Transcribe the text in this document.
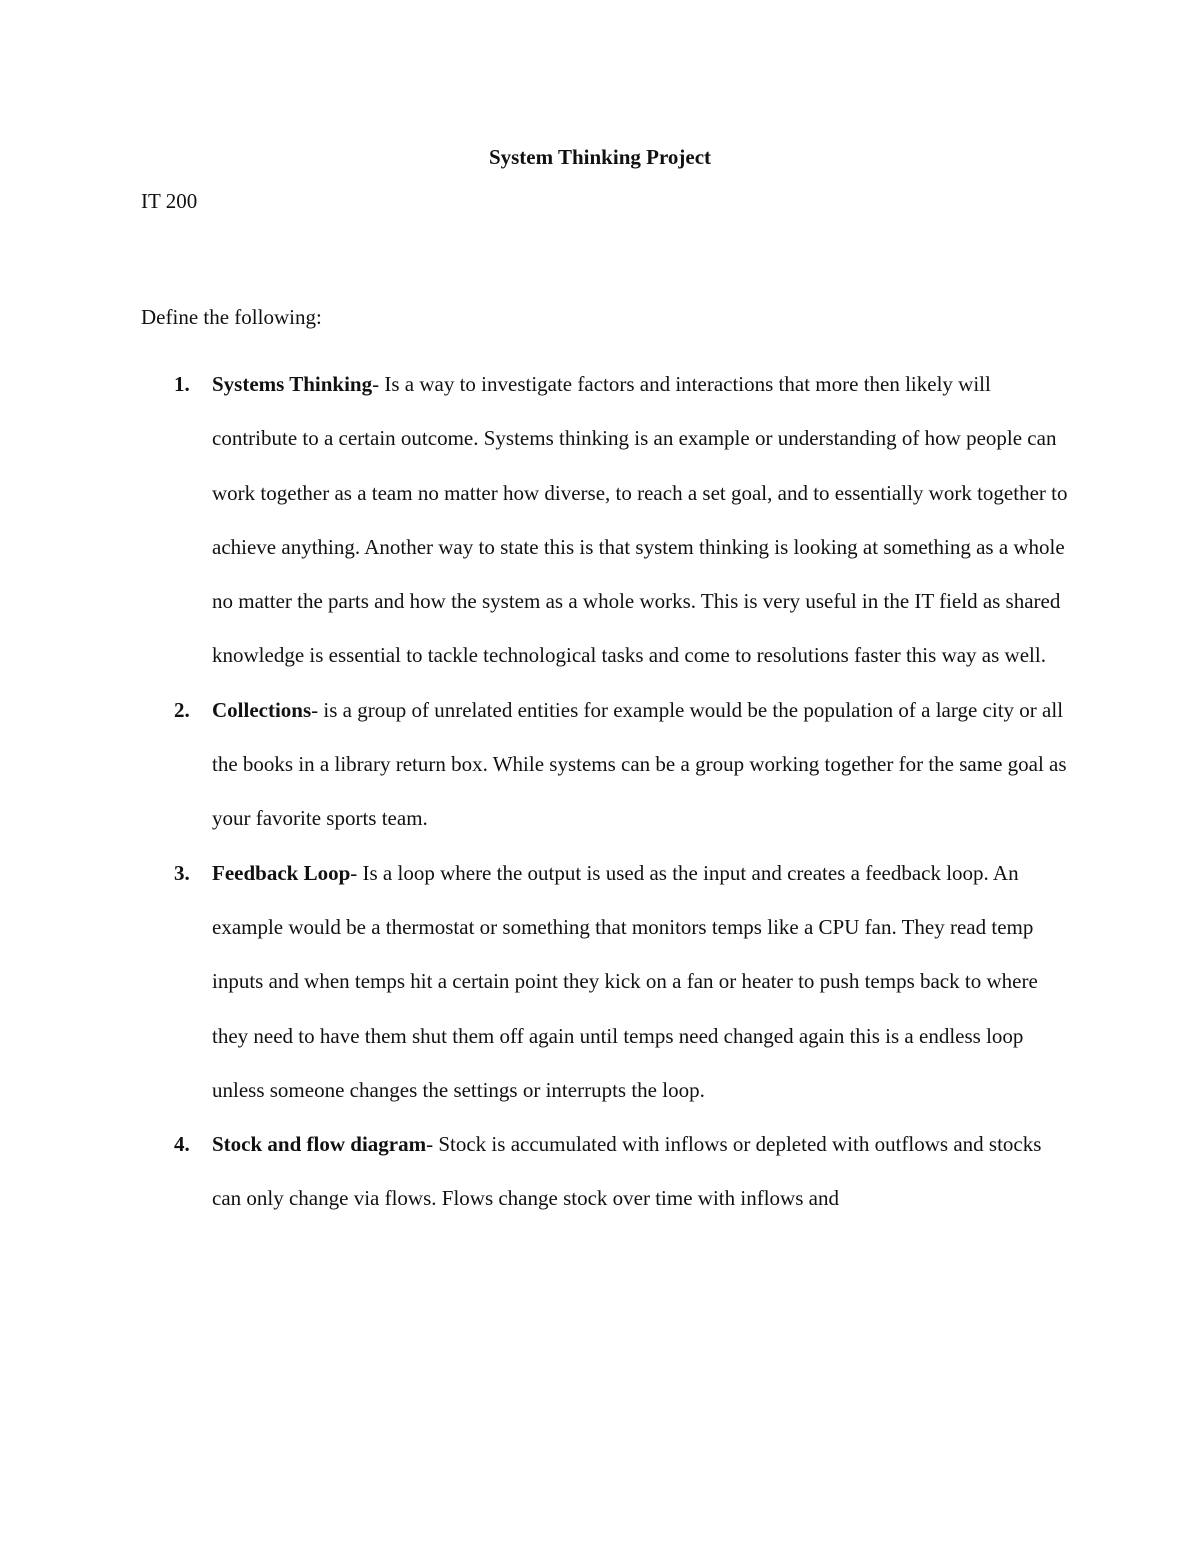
System Thinking Project

IT 200

Define the following:

1. Systems Thinking- Is a way to investigate factors and interactions that more then likely will contribute to a certain outcome. Systems thinking is an example or understanding of how people can work together as a team no matter how diverse, to reach a set goal, and to essentially work together to achieve anything. Another way to state this is that system thinking is looking at something as a whole no matter the parts and how the system as a whole works. This is very useful in the IT field as shared knowledge is essential to tackle technological tasks and come to resolutions faster this way as well.

2. Collections- is a group of unrelated entities for example would be the population of a large city or all the books in a library return box. While systems can be a group working together for the same goal as your favorite sports team.

3. Feedback Loop- Is a loop where the output is used as the input and creates a feedback loop. An example would be a thermostat or something that monitors temps like a CPU fan. They read temp inputs and when temps hit a certain point they kick on a fan or heater to push temps back to where they need to have them shut them off again until temps need changed again this is a endless loop unless someone changes the settings or interrupts the loop.

4. Stock and flow diagram- Stock is accumulated with inflows or depleted with outflows and stocks can only change via flows. Flows change stock over time with inflows and
